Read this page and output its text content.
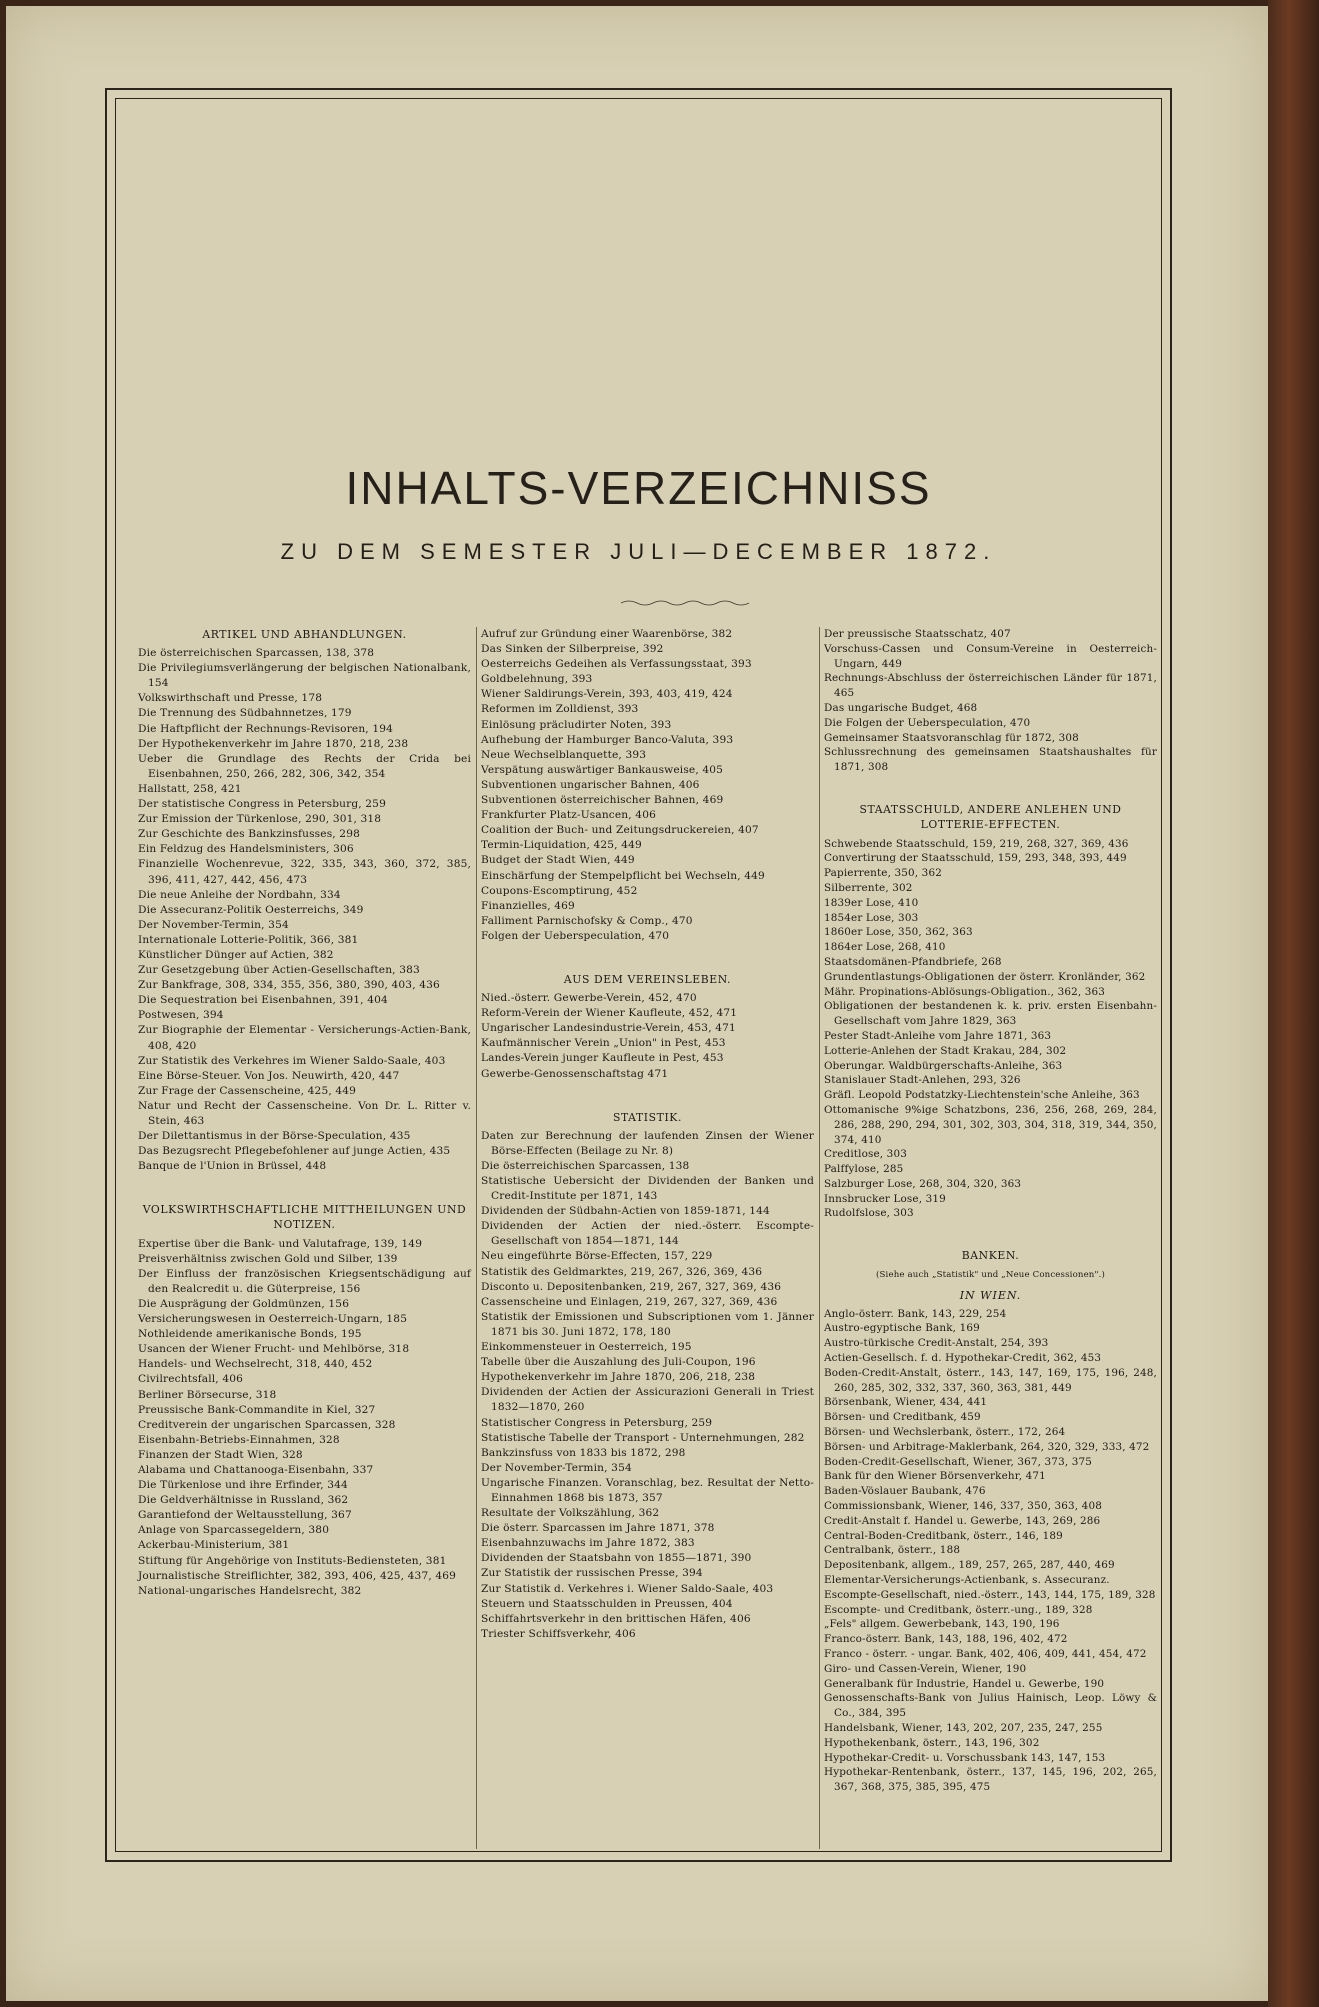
INHALTS-VERZEICHNISS
ZU DEM SEMESTER JULI—DECEMBER 1872.
ARTIKEL UND ABHANDLUNGEN.
Die österreichischen Sparcassen, 138, 378
Die Privilegiumsverlängerung der belgischen Nationalbank, 154
Volkswirthschaft und Presse, 178
Die Trennung des Südbahnnetzes, 179
Die Haftpflicht der Rechnungs-Revisoren, 194
Der Hypothekenverkehr im Jahre 1870, 218, 238
Ueber die Grundlage des Rechts der Crida bei Eisenbahnen, 250, 266, 282, 306, 342, 354
Hallstatt, 258, 421
Der statistische Congress in Petersburg, 259
Zur Emission der Türkenlose, 290, 301, 318
Zur Geschichte des Bankzinsfusses, 298
Ein Feldzug des Handelsministers, 306
Finanzielle Wochenrevue, 322, 335, 343, 360, 372, 385, 396, 411, 427, 442, 456, 473
Die neue Anleihe der Nordbahn, 334
Die Assecuranz-Politik Oesterreichs, 349
Der November-Termin, 354
Internationale Lotterie-Politik, 366, 381
Künstlicher Dünger auf Actien, 382
Zur Gesetzgebung über Actien-Gesellschaften, 383
Zur Bankfrage, 308, 334, 355, 356, 380, 390, 403, 436
Die Sequestration bei Eisenbahnen, 391, 404
Postwesen, 394
Zur Biographie der Elementar - Versicherungs-Actien-Bank, 408, 420
Zur Statistik des Verkehres im Wiener Saldo-Saale, 403
Eine Börse-Steuer. Von Jos. Neuwirth, 420, 447
Zur Frage der Cassenscheine, 425, 449
Natur und Recht der Cassenscheine. Von Dr. L. Ritter v. Stein, 463
Der Dilettantismus in der Börse-Speculation, 435
Das Bezugsrecht Pflegebefohlener auf junge Actien, 435
Banque de l'Union in Brüssel, 448
VOLKSWIRTHSCHAFTLICHE MITTHEILUNGEN UND NOTIZEN.
Expertise über die Bank- und Valutafrage, 139, 149
Preisverhältniss zwischen Gold und Silber, 139
Der Einfluss der französischen Kriegsentschädigung auf den Realcredit u. die Güterpreise, 156
Die Ausprägung der Goldmünzen, 156
Versicherungswesen in Oesterreich-Ungarn, 185
Nothleidende amerikanische Bonds, 195
Usancen der Wiener Frucht- und Mehlbörse, 318
Handels- und Wechselrecht, 318, 440, 452
Civilrechtsfall, 406
Berliner Börsecurse, 318
Preussische Bank-Commandite in Kiel, 327
Creditverein der ungarischen Sparcassen, 328
Eisenbahn-Betriebs-Einnahmen, 328
Finanzen der Stadt Wien, 328
Alabama und Chattanooga-Eisenbahn, 337
Die Türkenlose und ihre Erfinder, 344
Die Geldverhältnisse in Russland, 362
Garantiefond der Weltausstellung, 367
Anlage von Sparcassegeldern, 380
Ackerbau-Ministerium, 381
Stiftung für Angehörige von Instituts-Bediensteten, 381
Journalistische Streiflichter, 382, 393, 406, 425, 437, 469
National-ungarisches Handelsrecht, 382
Aufruf zur Gründung einer Waarenbörse, 382
Das Sinken der Silberpreise, 392
Oesterreichs Gedeihen als Verfassungsstaat, 393
Goldbelehnung, 393
Wiener Saldirungs-Verein, 393, 403, 419, 424
Reformen im Zolldienst, 393
Einlösung präcludirter Noten, 393
Aufhebung der Hamburger Banco-Valuta, 393
Neue Wechselblanquette, 393
Verspätung auswärtiger Bankausweise, 405
Subventionen ungarischer Bahnen, 406
Subventionen österreichischer Bahnen, 469
Frankfurter Platz-Usancen, 406
Coalition der Buch- und Zeitungsdruckereien, 407
Termin-Liquidation, 425, 449
Budget der Stadt Wien, 449
Einschärfung der Stempelpflicht bei Wechseln, 449
Coupons-Escomptirung, 452
Finanzielles, 469
Falliment Parnischofsky & Comp., 470
Folgen der Ueberspeculation, 470
AUS DEM VEREINSLEBEN.
Nied.-österr. Gewerbe-Verein, 452, 470
Reform-Verein der Wiener Kaufleute, 452, 471
Ungarischer Landesindustrie-Verein, 453, 471
Kaufmännischer Verein „Union" in Pest, 453
Landes-Verein junger Kaufleute in Pest, 453
Gewerbe-Genossenschaftstag 471
STATISTIK.
Daten zur Berechnung der laufenden Zinsen der Wiener Börse-Effecten (Beilage zu Nr. 8)
Die österreichischen Sparcassen, 138
Statistische Uebersicht der Dividenden der Banken und Credit-Institute per 1871, 143
Dividenden der Südbahn-Actien von 1859-1871, 144
Dividenden der Actien der nied.-österr. Escompte-Gesellschaft von 1854—1871, 144
Neu eingeführte Börse-Effecten, 157, 229
Statistik des Geldmarktes, 219, 267, 326, 369, 436
Disconto u. Depositenbanken, 219, 267, 327, 369, 436
Cassenscheine und Einlagen, 219, 267, 327, 369, 436
Statistik der Emissionen und Subscriptionen vom 1. Jänner 1871 bis 30. Juni 1872, 178, 180
Einkommensteuer in Oesterreich, 195
Tabelle über die Auszahlung des Juli-Coupon, 196
Hypothekenverkehr im Jahre 1870, 206, 218, 238
Dividenden der Actien der Assicurazioni Generali in Triest 1832—1870, 260
Statistischer Congress in Petersburg, 259
Statistische Tabelle der Transport - Unternehmungen, 282
Bankzinsfuss von 1833 bis 1872, 298
Der November-Termin, 354
Ungarische Finanzen. Voranschlag, bez. Resultat der Netto-Einnahmen 1868 bis 1873, 357
Resultate der Volkszählung, 362
Die österr. Sparcassen im Jahre 1871, 378
Eisenbahnzuwachs im Jahre 1872, 383
Dividenden der Staatsbahn von 1855—1871, 390
Zur Statistik der russischen Presse, 394
Zur Statistik d. Verkehres i. Wiener Saldo-Saale, 403
Steuern und Staatsschulden in Preussen, 404
Schiffahrtsverkehr in den brittischen Häfen, 406
Triester Schiffsverkehr, 406
Der preussische Staatsschatz, 407
Vorschuss-Cassen und Consum-Vereine in Oesterreich-Ungarn, 449
Rechnungs-Abschluss der österreichischen Länder für 1871, 465
Das ungarische Budget, 468
Die Folgen der Ueberspeculation, 470
Gemeinsamer Staatsvoranschlag für 1872, 308
Schlussrechnung des gemeinsamen Staatshaushaltes für 1871, 308
STAATSSCHULD, ANDERE ANLEHEN UND LOTTERIE-EFFECTEN.
Schwebende Staatsschuld, 159, 219, 268, 327, 369, 436
Convertirung der Staatsschuld, 159, 293, 348, 393, 449
Papierrente, 350, 362
Silberrente, 302
1839er Lose, 410
1854er Lose, 303
1860er Lose, 350, 362, 363
1864er Lose, 268, 410
Staatsdomänen-Pfandbriefe, 268
Grundentlastungs-Obligationen der österr. Kronländer, 362
Mähr. Propinations-Ablösungs-Obligation., 362, 363
Obligationen der bestandenen k. k. priv. ersten Eisenbahn-Gesellschaft vom Jahre 1829, 363
Pester Stadt-Anleihe vom Jahre 1871, 363
Lotterie-Anlehen der Stadt Krakau, 284, 302
Oberungar. Waldbürgerschafts-Anleihe, 363
Stanislauer Stadt-Anlehen, 293, 326
Gräfl. Leopold Podstatzky-Liechtenstein'sche Anleihe, 363
Ottomanische 9%ige Schatzbons, 236, 256, 268, 269, 284, 286, 288, 290, 294, 301, 302, 303, 304, 318, 319, 344, 350, 374, 410
Creditlose, 303
Palffylose, 285
Salzburger Lose, 268, 304, 320, 363
Innsbrucker Lose, 319
Rudolfslose, 303
BANKEN.
(Siehe auch „Statistik" und „Neue Concessionen".)
IN WIEN.
Anglo-österr. Bank, 143, 229, 254
Austro-egyptische Bank, 169
Austro-türkische Credit-Anstalt, 254, 393
Actien-Gesellsch. f. d. Hypothekar-Credit, 362, 453
Boden-Credit-Anstalt, österr., 143, 147, 169, 175, 196, 248, 260, 285, 302, 332, 337, 360, 363, 381, 449
Börsenbank, Wiener, 434, 441
Börsen- und Creditbank, 459
Börsen- und Wechslerbank, österr., 172, 264
Börsen- und Arbitrage-Maklerbank, 264, 320, 329, 333, 472
Boden-Credit-Gesellschaft, Wiener, 367, 373, 375
Bank für den Wiener Börsenverkehr, 471
Baden-Vöslauer Baubank, 476
Commissionsbank, Wiener, 146, 337, 350, 363, 408
Credit-Anstalt f. Handel u. Gewerbe, 143, 269, 286
Central-Boden-Creditbank, österr., 146, 189
Centralbank, österr., 188
Depositenbank, allgem., 189, 257, 265, 287, 440, 469
Elementar-Versicherungs-Actienbank, s. Assecuranz.
Escompte-Gesellschaft, nied.-österr., 143, 144, 175, 189, 328
Escompte- und Creditbank, österr.-ung., 189, 328
„Fels" allgem. Gewerbebank, 143, 190, 196
Franco-österr. Bank, 143, 188, 196, 402, 472
Franco - österr. - ungar. Bank, 402, 406, 409, 441, 454, 472
Giro- und Cassen-Verein, Wiener, 190
Generalbank für Industrie, Handel u. Gewerbe, 190
Genossenschafts-Bank von Julius Hainisch, Leop. Löwy & Co., 384, 395
Handelsbank, Wiener, 143, 202, 207, 235, 247, 255
Hypothekenbank, österr., 143, 196, 302
Hypothekar-Credit- u. Vorschussbank 143, 147, 153
Hypothekar-Rentenbank, österr., 137, 145, 196, 202, 265, 367, 368, 375, 385, 395, 475
